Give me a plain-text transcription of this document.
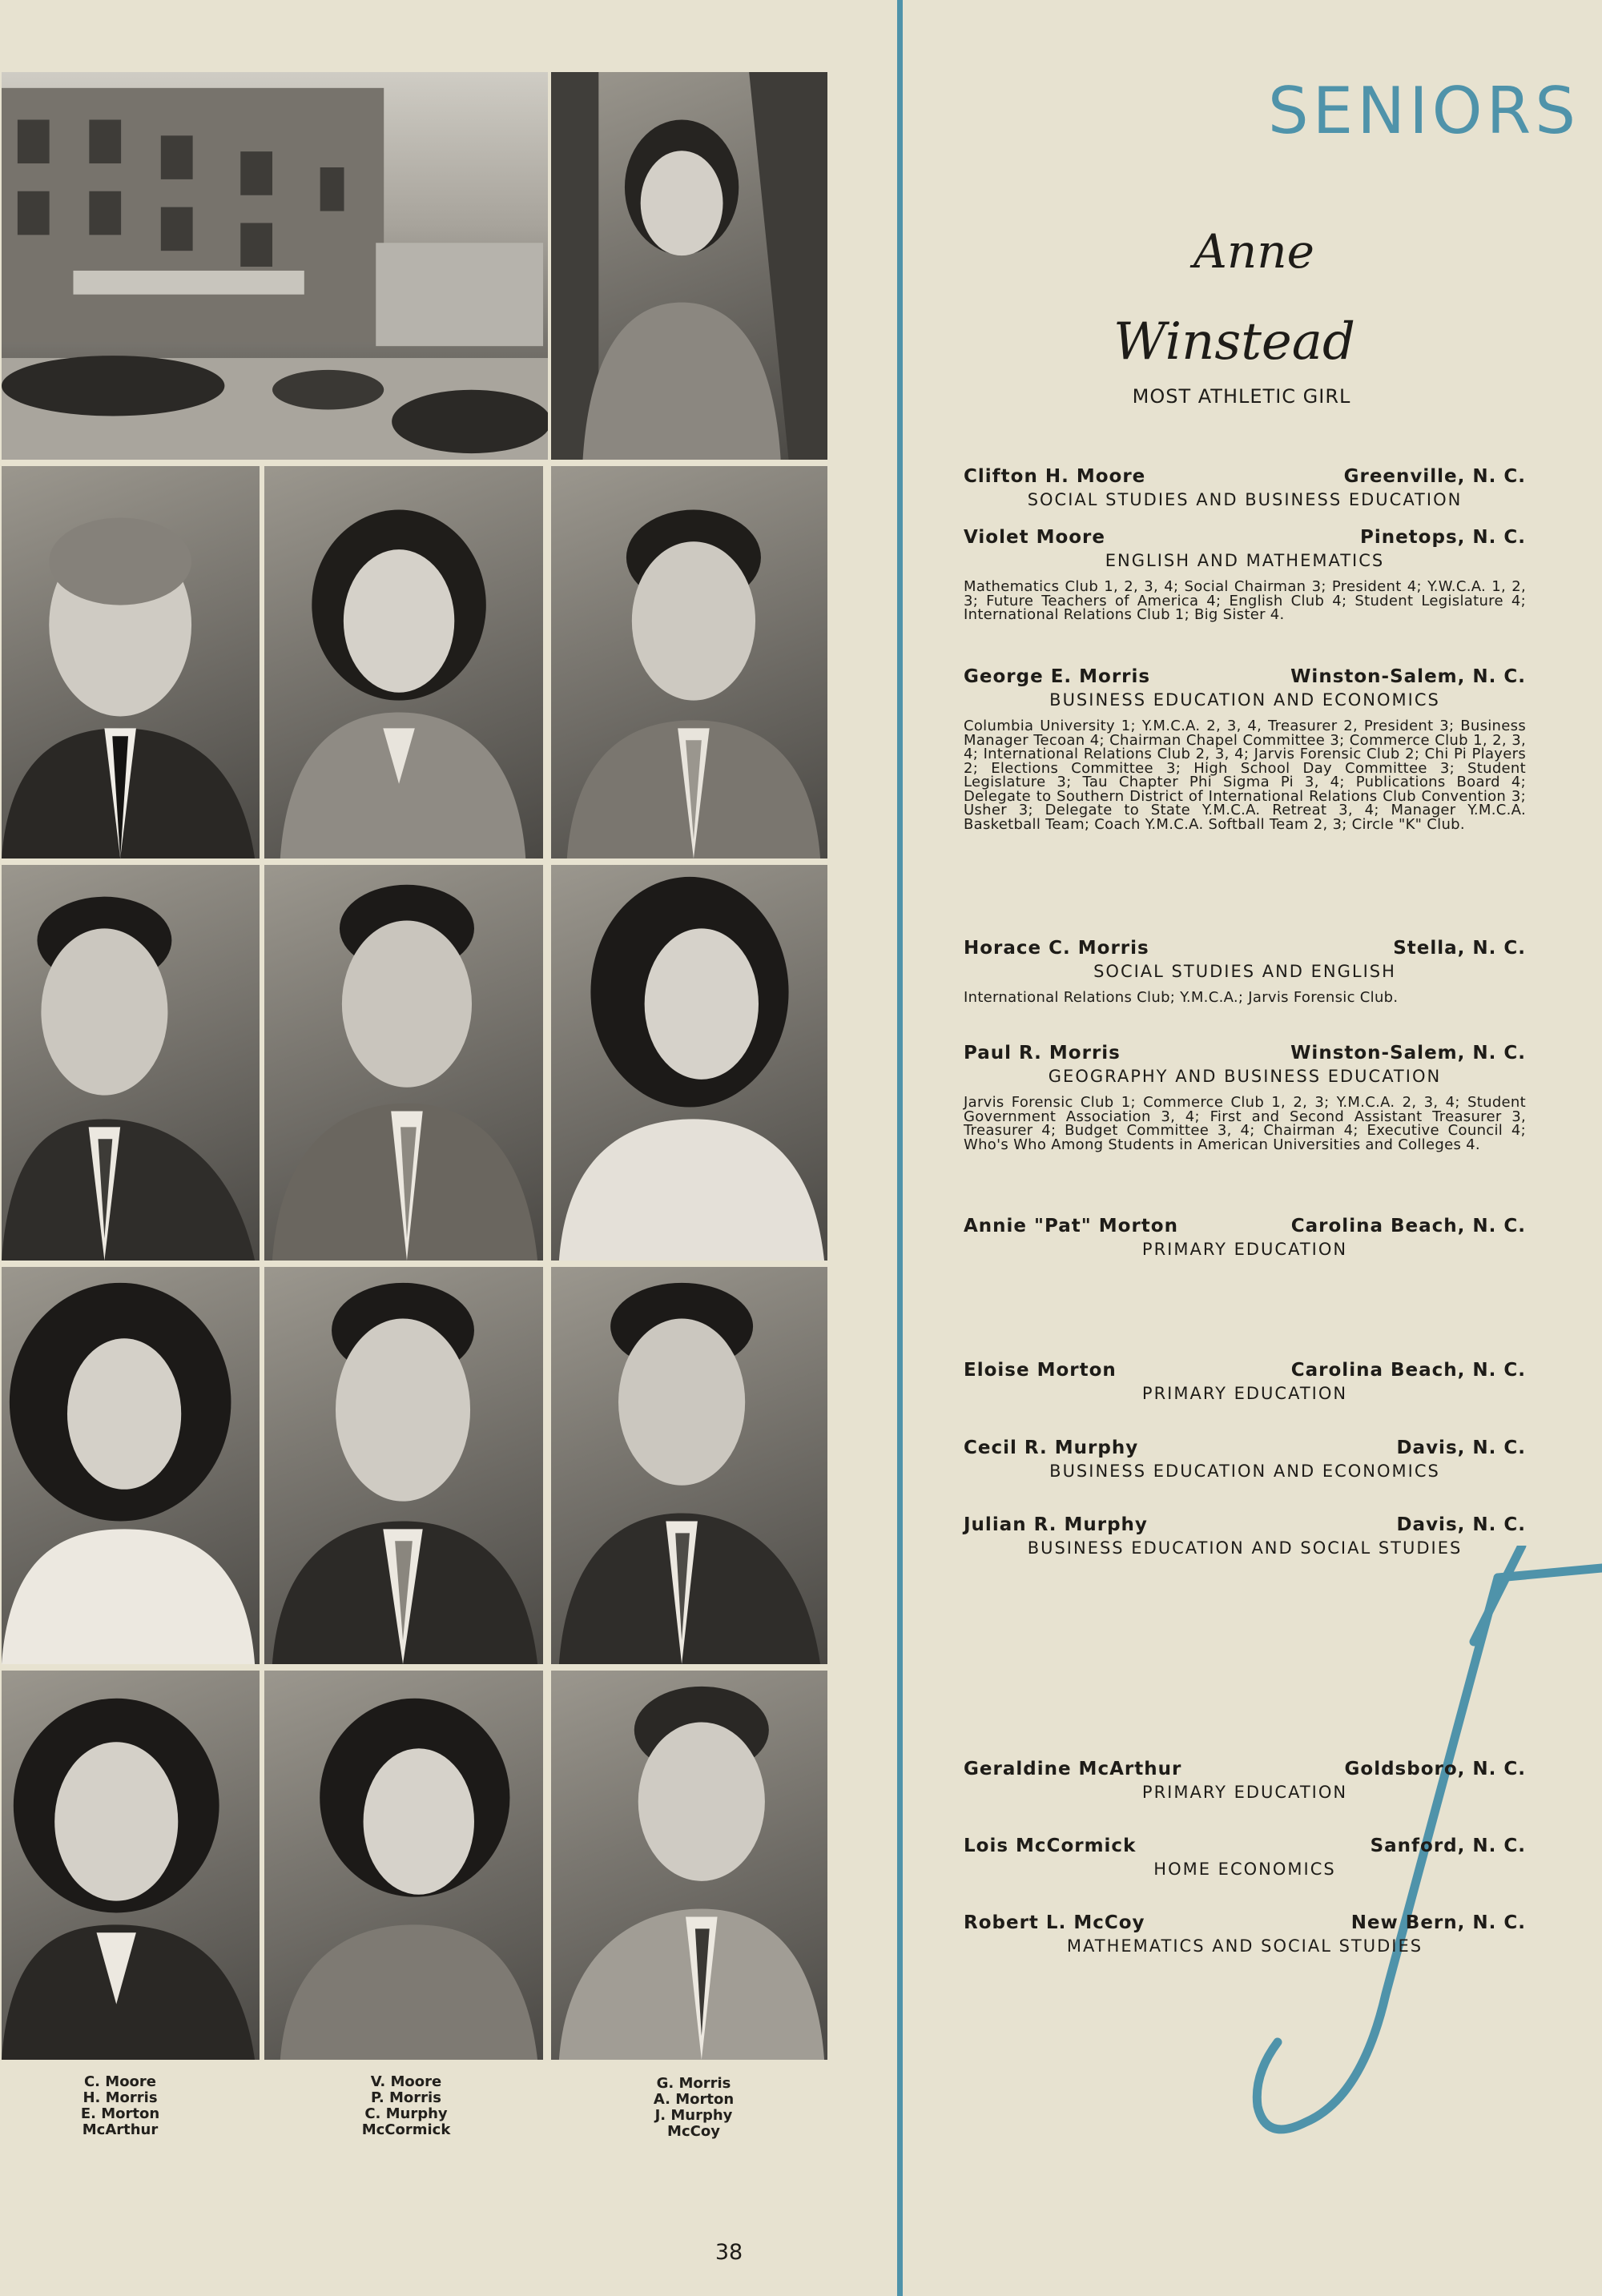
C. Moore
H. Morris
E. Morton
McArthur
V. Moore
P. Morris
C. Murphy
McCormick
G. Morris
A. Morton
J. Murphy
McCoy
SENIORS
Anne
Winstead
MOST ATHLETIC GIRL
Clifton H. Moore	Greenville, N. C.
SOCIAL STUDIES AND BUSINESS EDUCATION
Violet Moore	Pinetops, N. C.
ENGLISH AND MATHEMATICS
Mathematics Club 1, 2, 3, 4; Social Chairman 3; President 4; Y.W.C.A. 1, 2, 3; Future Teachers of America 4; English Club 4; Student Legislature 4; International Relations Club 1; Big Sister 4.
George E. Morris	Winston-Salem, N. C.
BUSINESS EDUCATION AND ECONOMICS
Columbia University 1; Y.M.C.A. 2, 3, 4, Treasurer 2, President 3; Business Manager Tecoan 4; Chairman Chapel Committee 3; Commerce Club 1, 2, 3, 4; International Relations Club 2, 3, 4; Jarvis Forensic Club 2; Chi Pi Players 2; Elections Committee 3; High School Day Committee 3; Student Legislature 3; Tau Chapter Phi Sigma Pi 3, 4; Publications Board 4; Delegate to Southern District of International Relations Club Convention 3; Usher 3; Delegate to State Y.M.C.A. Retreat 3, 4; Manager Y.M.C.A. Basketball Team; Coach Y.M.C.A. Softball Team 2, 3; Circle "K" Club.
Horace C. Morris	Stella, N. C.
SOCIAL STUDIES AND ENGLISH
International Relations Club; Y.M.C.A.; Jarvis Forensic Club.
Paul R. Morris	Winston-Salem, N. C.
GEOGRAPHY AND BUSINESS EDUCATION
Jarvis Forensic Club 1; Commerce Club 1, 2, 3; Y.M.C.A. 2, 3, 4; Student Government Association 3, 4; First and Second Assistant Treasurer 3, Treasurer 4; Budget Committee 3, 4; Chairman 4; Executive Council 4; Who's Who Among Students in American Universities and Colleges 4.
Annie "Pat" Morton	Carolina Beach, N. C.
PRIMARY EDUCATION
Eloise Morton	Carolina Beach, N. C.
PRIMARY EDUCATION
Cecil R. Murphy	Davis, N. C.
BUSINESS EDUCATION AND ECONOMICS
Julian R. Murphy	Davis, N. C.
BUSINESS EDUCATION AND SOCIAL STUDIES
Geraldine McArthur	Goldsboro, N. C.
PRIMARY EDUCATION
Lois McCormick	Sanford, N. C.
HOME ECONOMICS
Robert L. McCoy	New Bern, N. C.
MATHEMATICS AND SOCIAL STUDIES
38
